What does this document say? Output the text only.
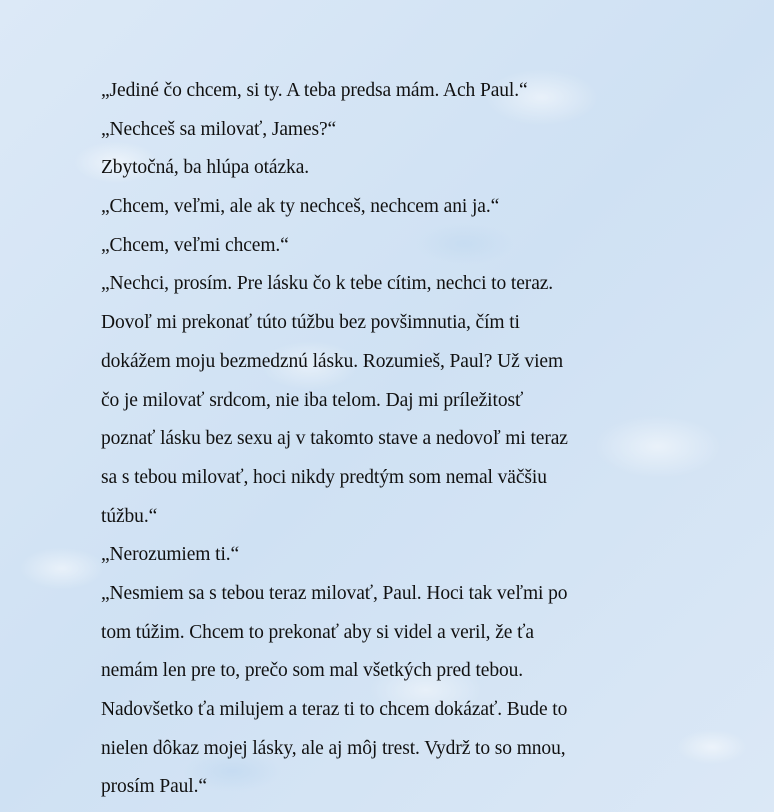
„Jediné čo chcem, si ty. A teba predsa mám. Ach Paul.“
„Nechceš sa milovať, James?“
Zbytočná, ba hlúpa otázka.
„Chcem, veľmi, ale ak ty nechceš, nechcem ani ja.“
„Chcem, veľmi chcem.“
„Nechci, prosím. Pre lásku čo k tebe cítim, nechci to teraz.
Dovoľ mi prekonať túto túžbu bez povšimnutia, čím ti
dokážem moju bezmedznú lásku. Rozumieš, Paul? Už viem
čo je milovať srdcom, nie iba telom. Daj mi príležitosť
poznať lásku bez sexu aj v takomto stave a nedovoľ mi teraz
sa s tebou milovať, hoci nikdy predtým som nemal väčšiu
túžbu.“
„Nerozumiem ti.“
„Nesmiem sa s tebou teraz milovať, Paul. Hoci tak veľmi po
tom túžim. Chcem to prekonať aby si videl a veril, že ťa
nemám len pre to, prečo som mal všetkých pred tebou.
Nadovšetko ťa milujem a teraz ti to chcem dokázať. Bude to
nielen dôkaz mojej lásky, ale aj môj trest. Vydrž to so mnou,
prosím Paul.“
